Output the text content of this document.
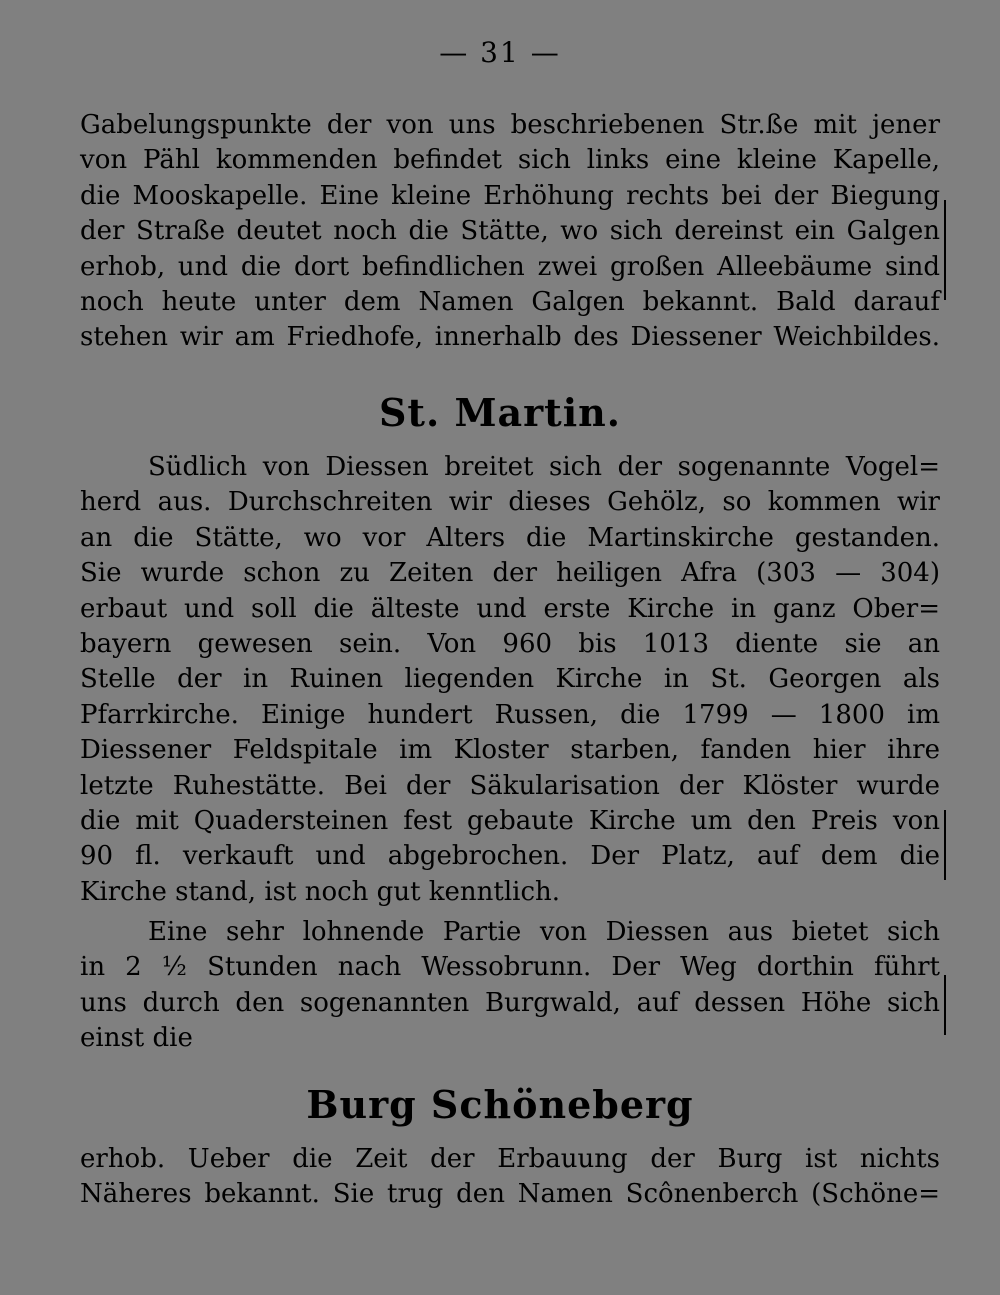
— 31 —
Gabelungspunkte der von uns beschriebenen Str.ße mit jener
von Pähl kommenden befindet sich links eine kleine Kapelle,
die Mooskapelle. Eine kleine Erhöhung rechts bei der Biegung
der Straße deutet noch die Stätte, wo sich dereinst ein Galgen
erhob, und die dort befindlichen zwei großen Alleebäume sind
noch heute unter dem Namen Galgen bekannt. Bald darauf
stehen wir am Friedhofe, innerhalb des Diessener Weichbildes.
St. Martin.
Südlich von Diessen breitet sich der sogenannte Vogel=
herd aus. Durchschreiten wir dieses Gehölz, so kommen wir
an die Stätte, wo vor Alters die Martinskirche gestanden.
Sie wurde schon zu Zeiten der heiligen Afra (303 — 304)
erbaut und soll die älteste und erste Kirche in ganz Ober=
bayern gewesen sein. Von 960 bis 1013 diente sie an
Stelle der in Ruinen liegenden Kirche in St. Georgen als
Pfarrkirche. Einige hundert Russen, die 1799 — 1800 im
Diessener Feldspitale im Kloster starben, fanden hier ihre
letzte Ruhestätte. Bei der Säkularisation der Klöster wurde
die mit Quadersteinen fest gebaute Kirche um den Preis von
90 fl. verkauft und abgebrochen. Der Platz, auf dem die
Kirche stand, ist noch gut kenntlich.
Eine sehr lohnende Partie von Diessen aus bietet sich
in 2 ½ Stunden nach Wessobrunn. Der Weg dorthin führt
uns durch den sogenannten Burgwald, auf dessen Höhe sich
einst die
Burg Schöneberg
erhob. Ueber die Zeit der Erbauung der Burg ist nichts
Näheres bekannt. Sie trug den Namen Scônenberch (Schöne=
